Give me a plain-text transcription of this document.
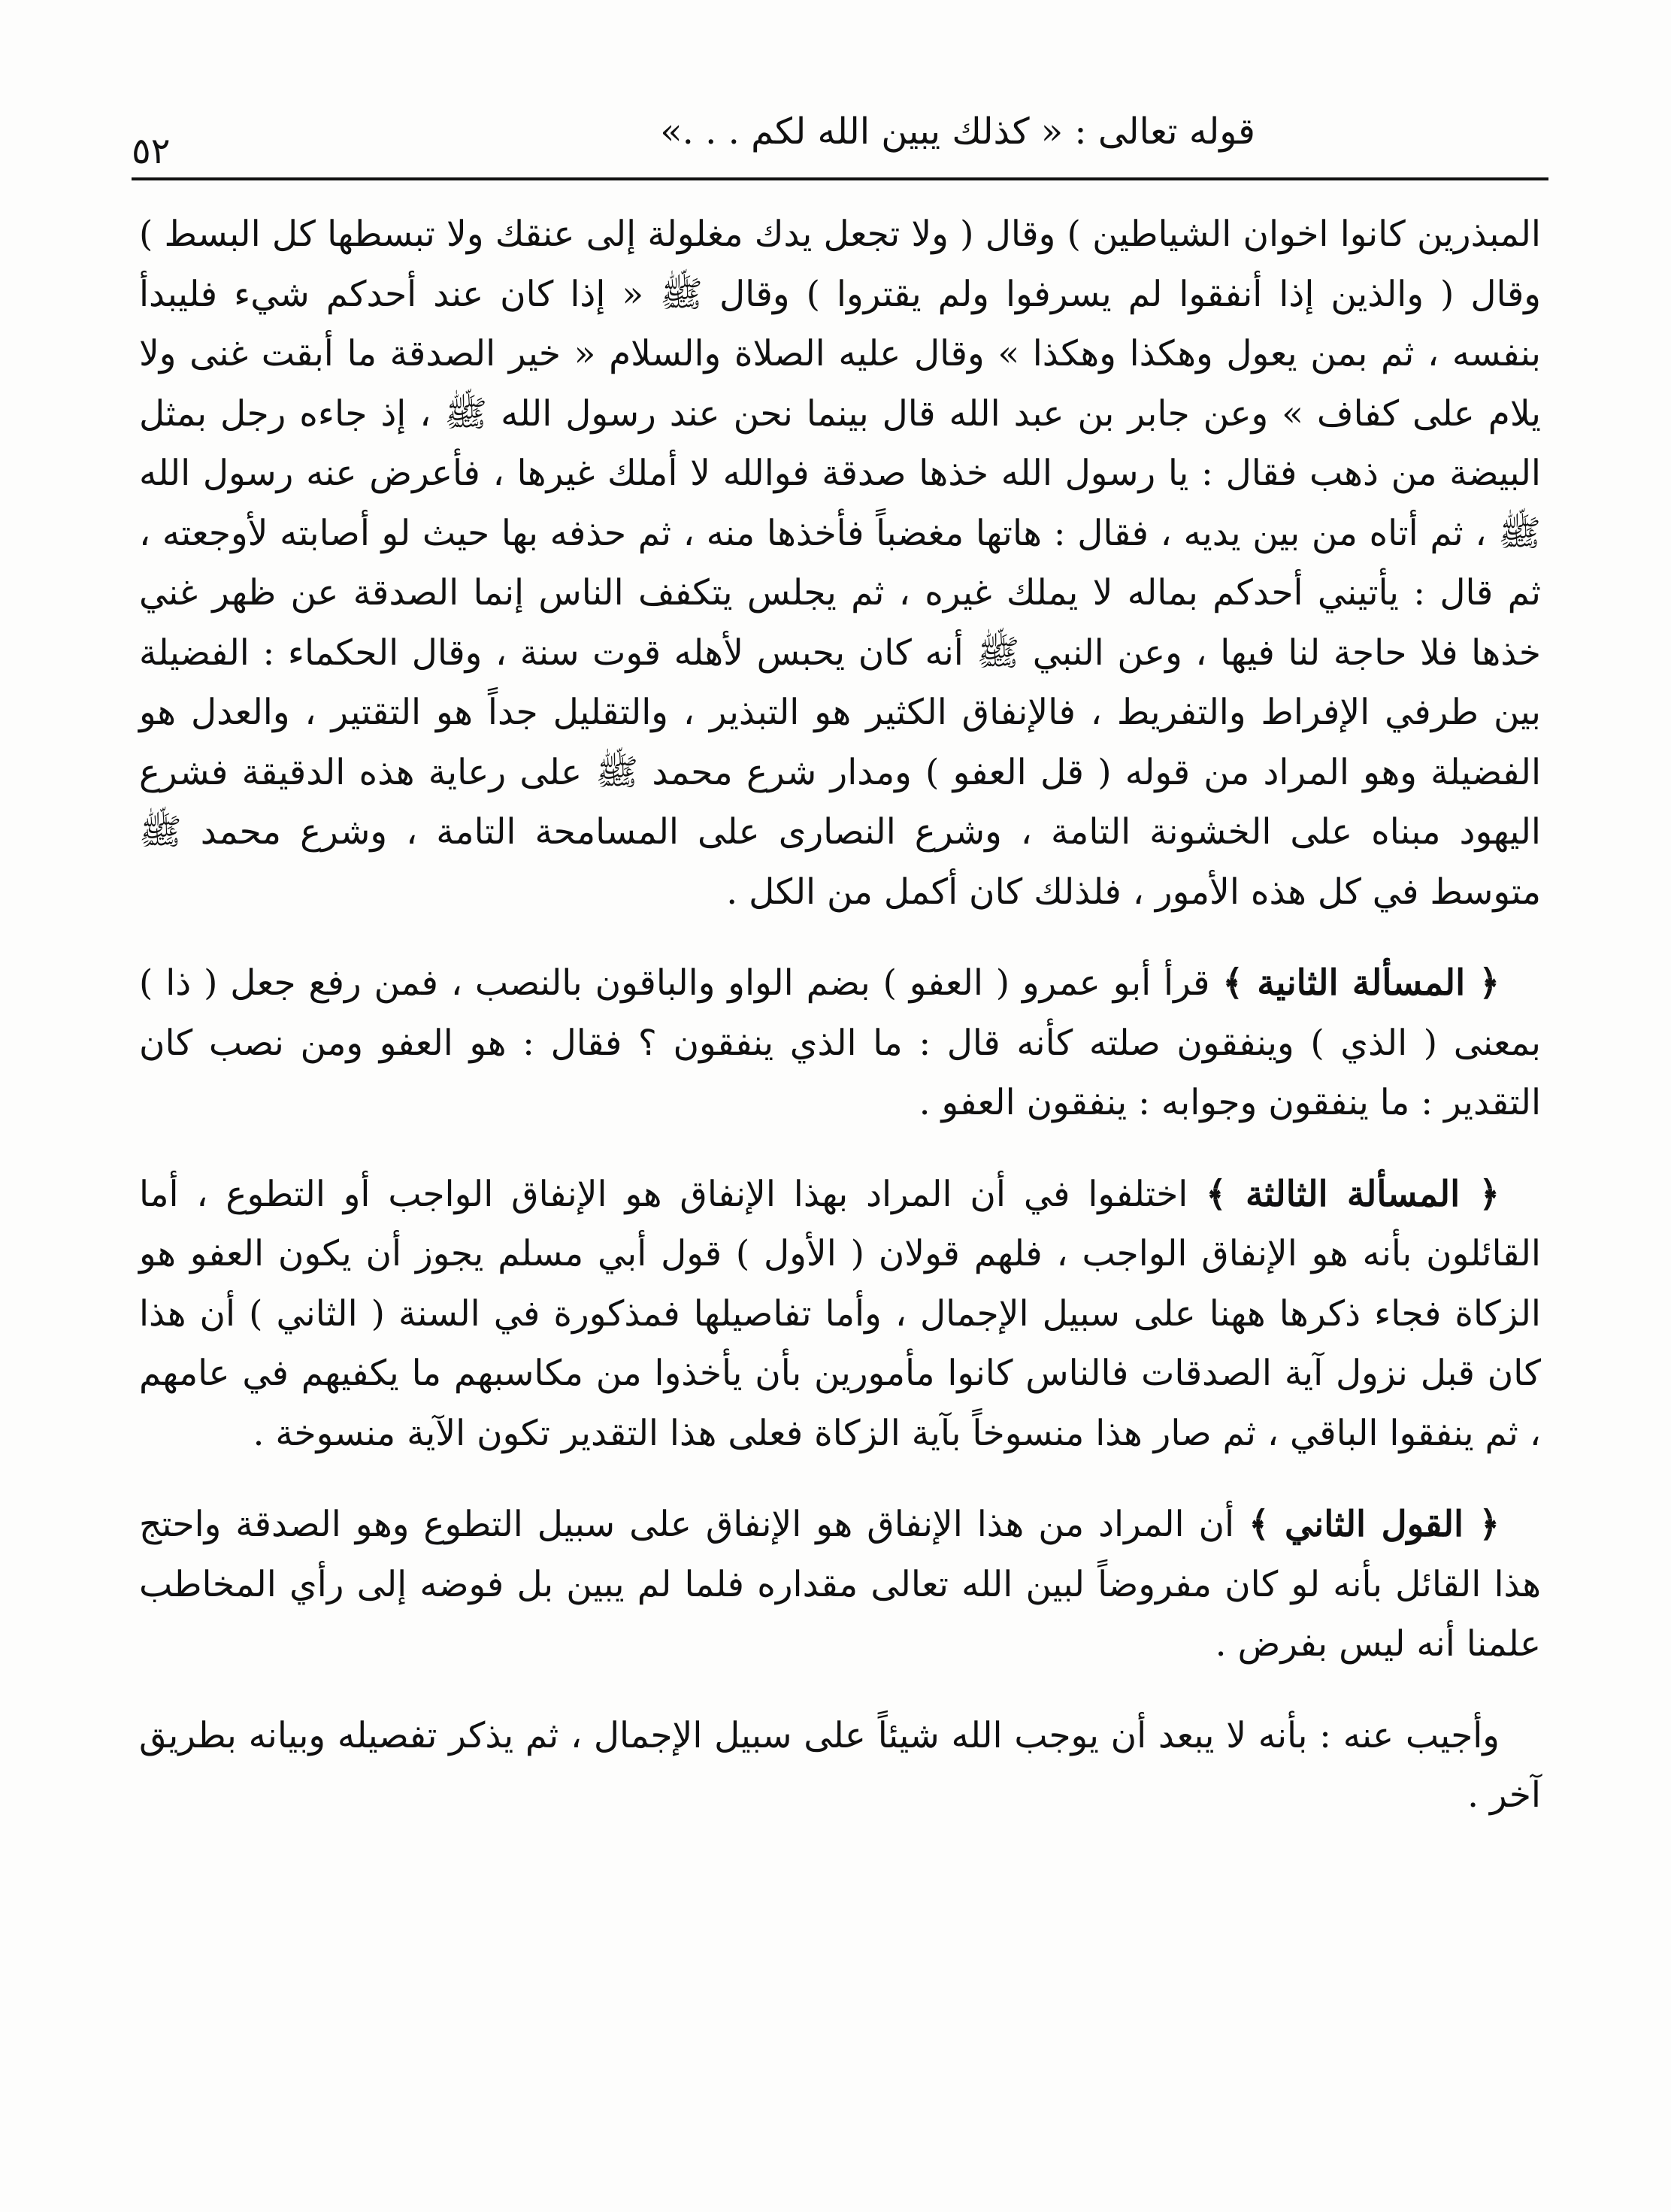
قوله تعالى : « كذلك يبين الله لكم . . .»
٥٢

المبذرين كانوا اخوان الشياطين ) وقال ( ولا تجعل يدك مغلولة إلى عنقك ولا تبسطها كل البسط ) وقال ( والذين إذا أنفقوا لم يسرفوا ولم يقتروا ) وقال ﷺ « إذا كان عند أحدكم شيء فليبدأ بنفسه ، ثم بمن يعول وهكذا وهكذا » وقال عليه الصلاة والسلام « خير الصدقة ما أبقت غنى ولا يلام على كفاف » وعن جابر بن عبد الله قال بينما نحن عند رسول الله ﷺ ، إذ جاءه رجل بمثل البيضة من ذهب فقال : يا رسول الله خذها صدقة فوالله لا أملك غيرها ، فأعرض عنه رسول الله ﷺ ، ثم أتاه من بين يديه ، فقال : هاتها مغضباً فأخذها منه ، ثم حذفه بها حيث لو أصابته لأوجعته ، ثم قال : يأتيني أحدكم بماله لا يملك غيره ، ثم يجلس يتكفف الناس إنما الصدقة عن ظهر غني خذها فلا حاجة لنا فيها ، وعن النبي ﷺ أنه كان يحبس لأهله قوت سنة ، وقال الحكماء : الفضيلة بين طرفي الإفراط والتفريط ، فالإنفاق الكثير هو التبذير ، والتقليل جداً هو التقتير ، والعدل هو الفضيلة وهو المراد من قوله ( قل العفو ) ومدار شرع محمد ﷺ على رعاية هذه الدقيقة فشرع اليهود مبناه على الخشونة التامة ، وشرع النصارى على المسامحة التامة ، وشرع محمد ﷺ متوسط في كل هذه الأمور ، فلذلك كان أكمل من الكل .

﴿ المسألة الثانية ﴾ قرأ أبو عمرو ( العفو ) بضم الواو والباقون بالنصب ، فمن رفع جعل ( ذا ) بمعنى ( الذي ) وينفقون صلته كأنه قال : ما الذي ينفقون ؟ فقال : هو العفو ومن نصب كان التقدير : ما ينفقون وجوابه : ينفقون العفو .

﴿ المسألة الثالثة ﴾ اختلفوا في أن المراد بهذا الإنفاق هو الإنفاق الواجب أو التطوع ، أما القائلون بأنه هو الإنفاق الواجب ، فلهم قولان ( الأول ) قول أبي مسلم يجوز أن يكون العفو هو الزكاة فجاء ذكرها ههنا على سبيل الإجمال ، وأما تفاصيلها فمذكورة في السنة ( الثاني ) أن هذا كان قبل نزول آية الصدقات فالناس كانوا مأمورين بأن يأخذوا من مكاسبهم ما يكفيهم في عامهم ، ثم ينفقوا الباقي ، ثم صار هذا منسوخاً بآية الزكاة فعلى هذا التقدير تكون الآية منسوخة .

﴿ القول الثاني ﴾ أن المراد من هذا الإنفاق هو الإنفاق على سبيل التطوع وهو الصدقة واحتج هذا القائل بأنه لو كان مفروضاً لبين الله تعالى مقداره فلما لم يبين بل فوضه إلى رأي المخاطب علمنا أنه ليس بفرض .

وأجيب عنه : بأنه لا يبعد أن يوجب الله شيئاً على سبيل الإجمال ، ثم يذكر تفصيله وبيانه بطريق آخر .
